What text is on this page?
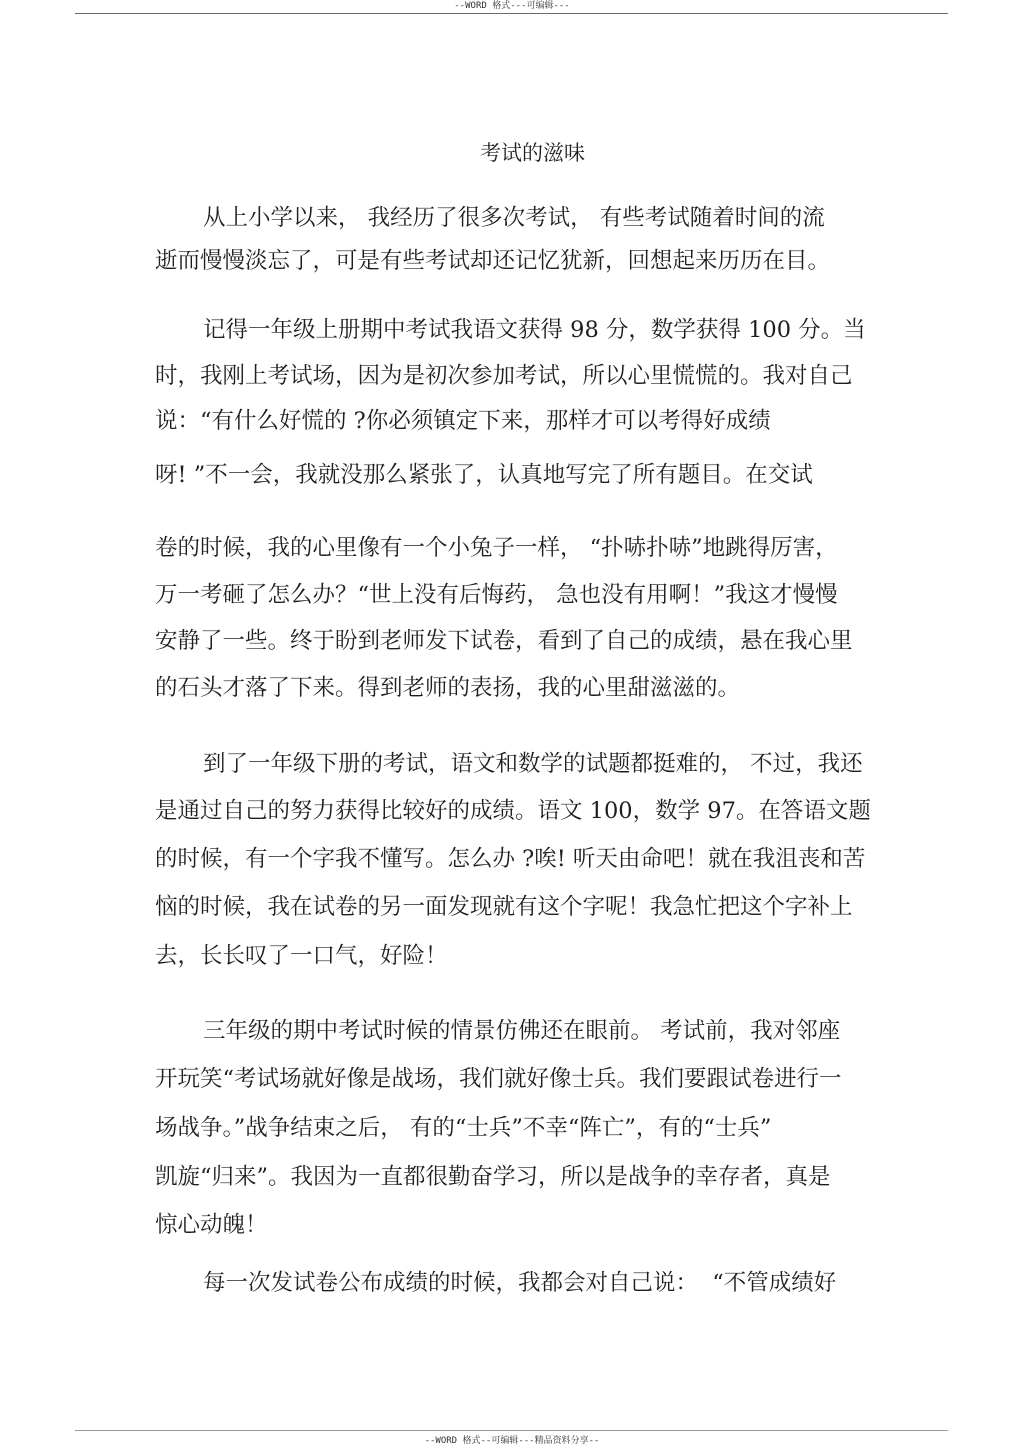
--WORD 格式---可编辑---
考试的滋味
从上小学以来， 我经历了很多次考试， 有些考试随着时间的流
逝而慢慢淡忘了，可是有些考试却还记忆犹新，回想起来历历在目。
记得一年级上册期中考试我语文获得 98 分，数学获得 100 分。当
时，我刚上考试场，因为是初次参加考试，所以心里慌慌的。我对自己
说：“有什么好慌的 ?你必须镇定下来，那样才可以考得好成绩
呀! ”不一会，我就没那么紧张了，认真地写完了所有题目。在交试
卷的时候，我的心里像有一个小兔子一样， “扑哧扑哧”地跳得厉害，
万一考砸了怎么办？“世上没有后悔药， 急也没有用啊！”我这才慢慢
安静了一些。终于盼到老师发下试卷，看到了自己的成绩，悬在我心里
的石头才落了下来。得到老师的表扬，我的心里甜滋滋的。
到了一年级下册的考试，语文和数学的试题都挺难的， 不过，我还
是通过自己的努力获得比较好的成绩。语文 100，数学 97。在答语文题
的时候，有一个字我不懂写。怎么办 ?唉! 听天由命吧！就在我沮丧和苦
恼的时候，我在试卷的另一面发现就有这个字呢！我急忙把这个字补上
去，长长叹了一口气，好险！
三年级的期中考试时候的情景仿佛还在眼前。 考试前，我对邻座
开玩笑“考试场就好像是战场，我们就好像士兵。我们要跟试卷进行一
场战争。”战争结束之后， 有的“士兵”不幸“阵亡”，有的“士兵”
凯旋“归来”。我因为一直都很勤奋学习，所以是战争的幸存者，真是
惊心动魄！
每一次发试卷公布成绩的时候，我都会对自己说：  “不管成绩好
--WORD 格式--可编辑---精品资料分享--
